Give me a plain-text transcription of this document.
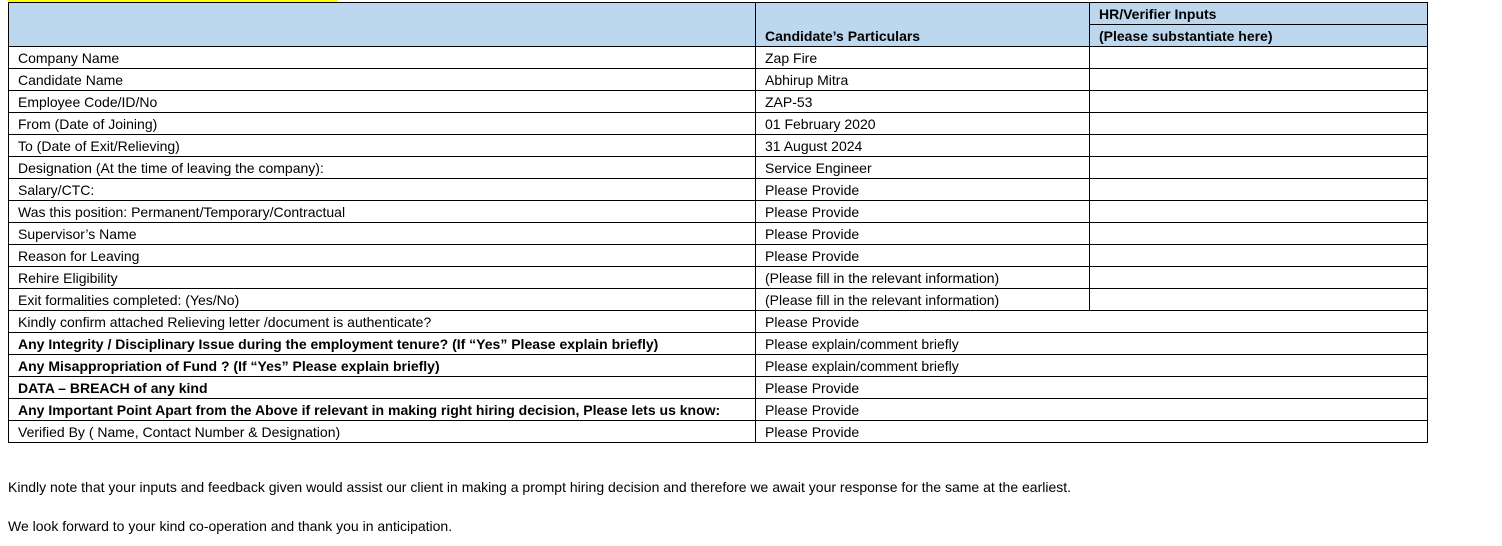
		HR/Verifier Inputs
	Candidate’s Particulars	(Please substantiate here)
Company Name	Zap Fire	
Candidate Name	Abhirup Mitra	
Employee Code/ID/No	ZAP-53	
From (Date of Joining)	01 February 2020	
To (Date of Exit/Relieving)	31 August 2024	
Designation (At the time of leaving the company):	Service Engineer	
Salary/CTC:	Please Provide	
Was this position: Permanent/Temporary/Contractual	Please Provide	
Supervisor’s Name	Please Provide	
Reason for Leaving	Please Provide	
Rehire Eligibility	(Please fill in the relevant information)	
Exit formalities completed: (Yes/No)	(Please fill in the relevant information)	
Kindly confirm attached Relieving letter /document is authenticate?	Please Provide	
Any Integrity / Disciplinary Issue during the employment tenure? (If “Yes” Please explain briefly)	Please explain/comment briefly	
Any Misappropriation of Fund ? (If “Yes” Please explain briefly)	Please explain/comment briefly	
DATA – BREACH of any kind	Please Provide	
Any Important Point Apart from the Above if relevant in making right hiring decision, Please lets us know:	Please Provide	
Verified By ( Name, Contact Number & Designation)	Please Provide	
Kindly note that your inputs and feedback given would assist our client in making a prompt hiring decision and therefore we await your response for the same at the earliest.
We look forward to your kind co-operation and thank you in anticipation.
